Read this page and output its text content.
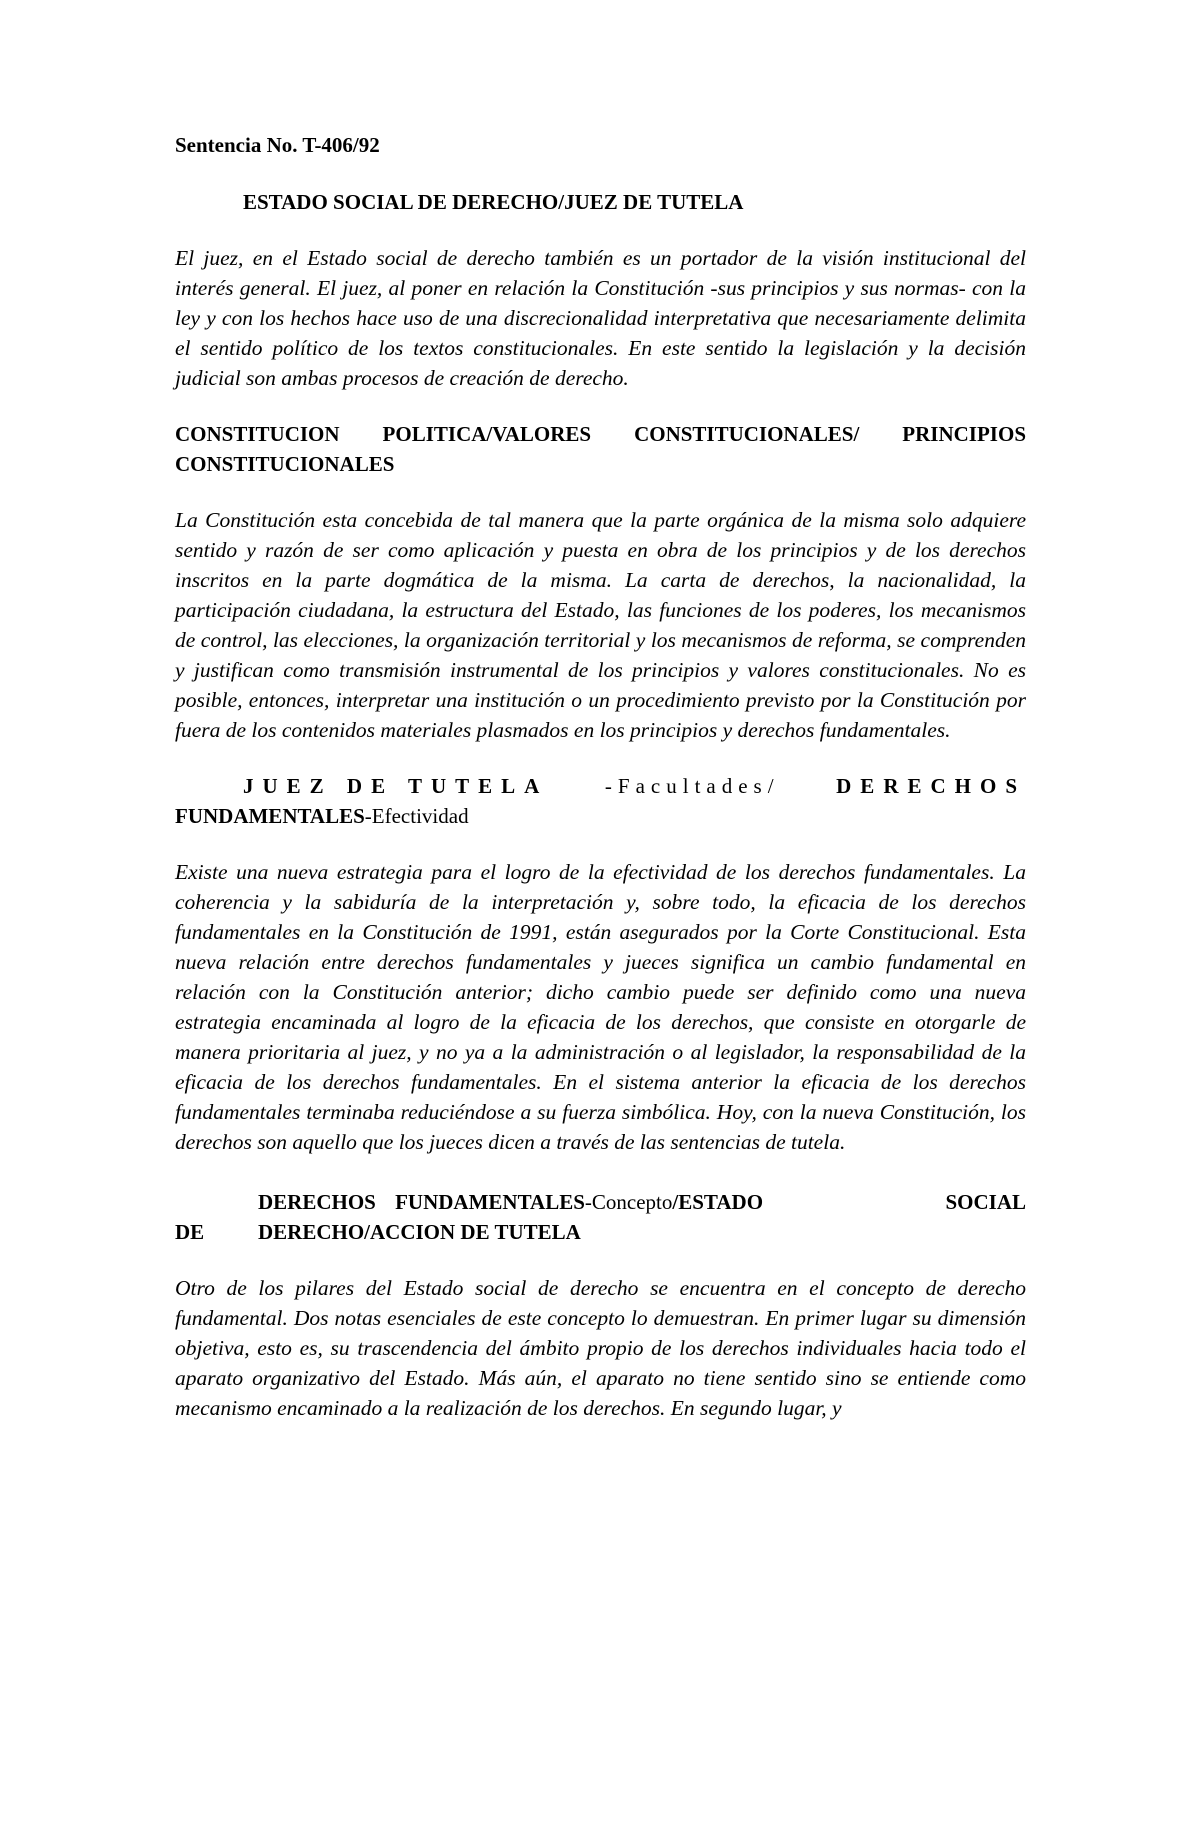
Sentencia No. T-406/92

ESTADO SOCIAL DE DERECHO/JUEZ DE TUTELA

El juez, en el Estado social de derecho también es un portador de la visión institucional del interés general. El juez, al poner en relación la Constitución -sus principios y sus normas- con la ley y con los hechos hace uso de una discrecionalidad interpretativa que necesariamente delimita el sentido político de los textos constitucionales. En este sentido la legislación y la decisión judicial son ambas procesos de creación de derecho.

CONSTITUCION POLITICA/VALORES CONSTITUCIONALES/ PRINCIPIOS CONSTITUCIONALES

La Constitución esta concebida de tal manera que la parte orgánica de la misma solo adquiere sentido y razón de ser como aplicación y puesta en obra de los principios y de los derechos inscritos en la parte dogmática de la misma. La carta de derechos, la nacionalidad, la participación ciudadana, la estructura del Estado, las funciones de los poderes, los mecanismos de control, las elecciones, la organización territorial y los mecanismos de reforma, se comprenden y justifican como transmisión instrumental de los principios y valores constitucionales. No es posible, entonces, interpretar una institución o un procedimiento previsto por la Constitución por fuera de los contenidos materiales plasmados en los principios y derechos fundamentales.

JUEZ DE TUTELA	-Facultades/	DERECHOS
FUNDAMENTALES-Efectividad

Existe una nueva estrategia para el logro de la efectividad de los derechos fundamentales. La coherencia y la sabiduría de la interpretación y, sobre todo, la eficacia de los derechos fundamentales en la Constitución de 1991, están asegurados por la Corte Constitucional. Esta nueva relación entre derechos fundamentales y jueces significa un cambio fundamental en relación con la Constitución anterior; dicho cambio puede ser definido como una nueva estrategia encaminada al logro de la eficacia de los derechos, que consiste en otorgarle de manera prioritaria al juez, y no ya a la administración o al legislador, la responsabilidad de la eficacia de los derechos fundamentales. En el sistema anterior la eficacia de los derechos fundamentales terminaba reduciéndose a su fuerza simbólica. Hoy, con la nueva Constitución, los derechos son aquello que los jueces dicen a través de las sentencias de tutela.

DERECHOS FUNDAMENTALES-Concepto/ESTADO	SOCIAL
DE	DERECHO/ACCION DE TUTELA

Otro de los pilares del Estado social de derecho se encuentra en el concepto de derecho fundamental. Dos notas esenciales de este concepto lo demuestran. En primer lugar su dimensión objetiva, esto es, su trascendencia del ámbito propio de los derechos individuales hacia todo el aparato organizativo del Estado. Más aún, el aparato no tiene sentido sino se entiende como mecanismo encaminado a la realización de los derechos. En segundo lugar, y
